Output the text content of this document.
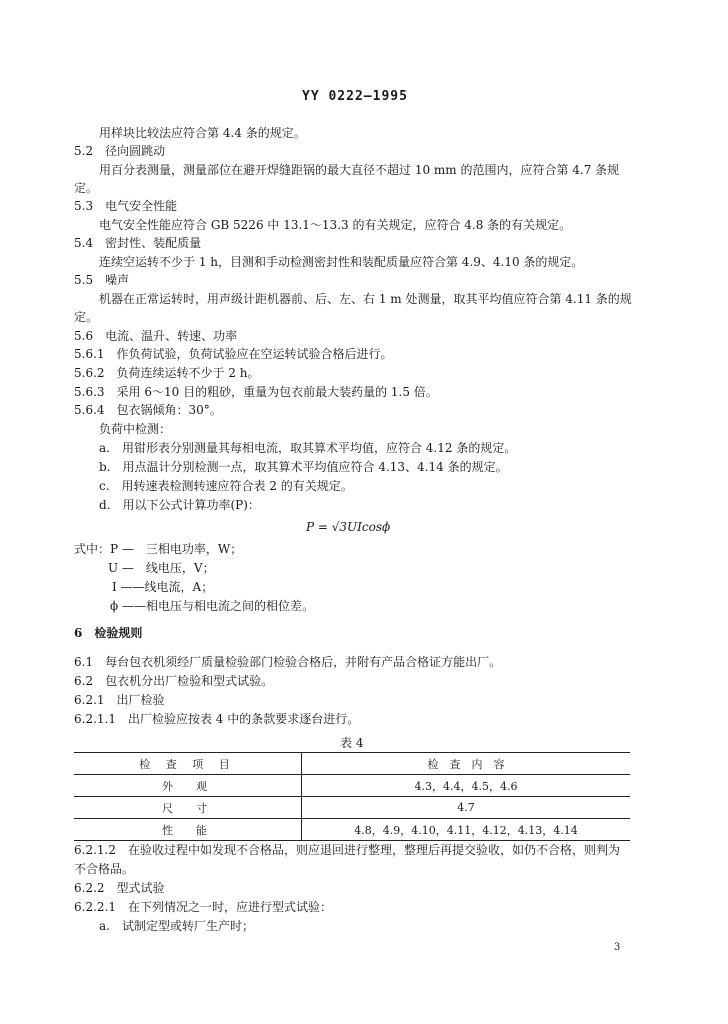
YY 0222—1995
用样块比较法应符合第 4.4 条的规定。
5.2　径向圆跳动
用百分表测量，测量部位在避开焊缝距锅的最大直径不超过 10 mm 的范围内，应符合第 4.7 条规
定。
5.3　电气安全性能
电气安全性能应符合 GB 5226 中 13.1～13.3 的有关规定，应符合 4.8 条的有关规定。
5.4　密封性、装配质量
连续空运转不少于 1 h，目测和手动检测密封性和装配质量应符合第 4.9、4.10 条的规定。
5.5　噪声
机器在正常运转时，用声级计距机器前、后、左、右 1 m 处测量，取其平均值应符合第 4.11 条的规
定。
5.6　电流、温升、转速、功率
5.6.1　作负荷试验，负荷试验应在空运转试验合格后进行。
5.6.2　负荷连续运转不少于 2 h。
5.6.3　采用 6～10 目的粗砂，重量为包衣前最大装药量的 1.5 倍。
5.6.4　包衣锅倾角：30°。
负荷中检测：
a.　用钳形表分别测量其每相电流，取其算术平均值，应符合 4.12 条的规定。
b.　用点温计分别检测一点，取其算术平均值应符合 4.13、4.14 条的规定。
c.　用转速表检测转速应符合表 2 的有关规定。
d.　用以下公式计算功率(P)：
P = √3UIcosϕ
式中：P —　三相电功率，W；
U —　线电压，V；
I ——线电流，A；
ϕ ——相电压与相电流之间的相位差。
6　检验规则
6.1　每台包衣机须经厂质量检验部门检验合格后，并附有产品合格证方能出厂。
6.2　包衣机分出厂检验和型式试验。
6.2.1　出厂检验
6.2.1.1　出厂检验应按表 4 中的条款要求逐台进行。
表 4
检 查 项 目	检　查　内　容
外　观	4.3，4.4，4.5，4.6
尺　寸	4.7
性　能	4.8，4.9，4.10，4.11，4.12，4.13，4.14
6.2.1.2　在验收过程中如发现不合格品，则应退回进行整理，整理后再提交验收，如仍不合格，则判为
不合格品。
6.2.2　型式试验
6.2.2.1　在下列情况之一时，应进行型式试验：
a.　试制定型或转厂生产时；
3
